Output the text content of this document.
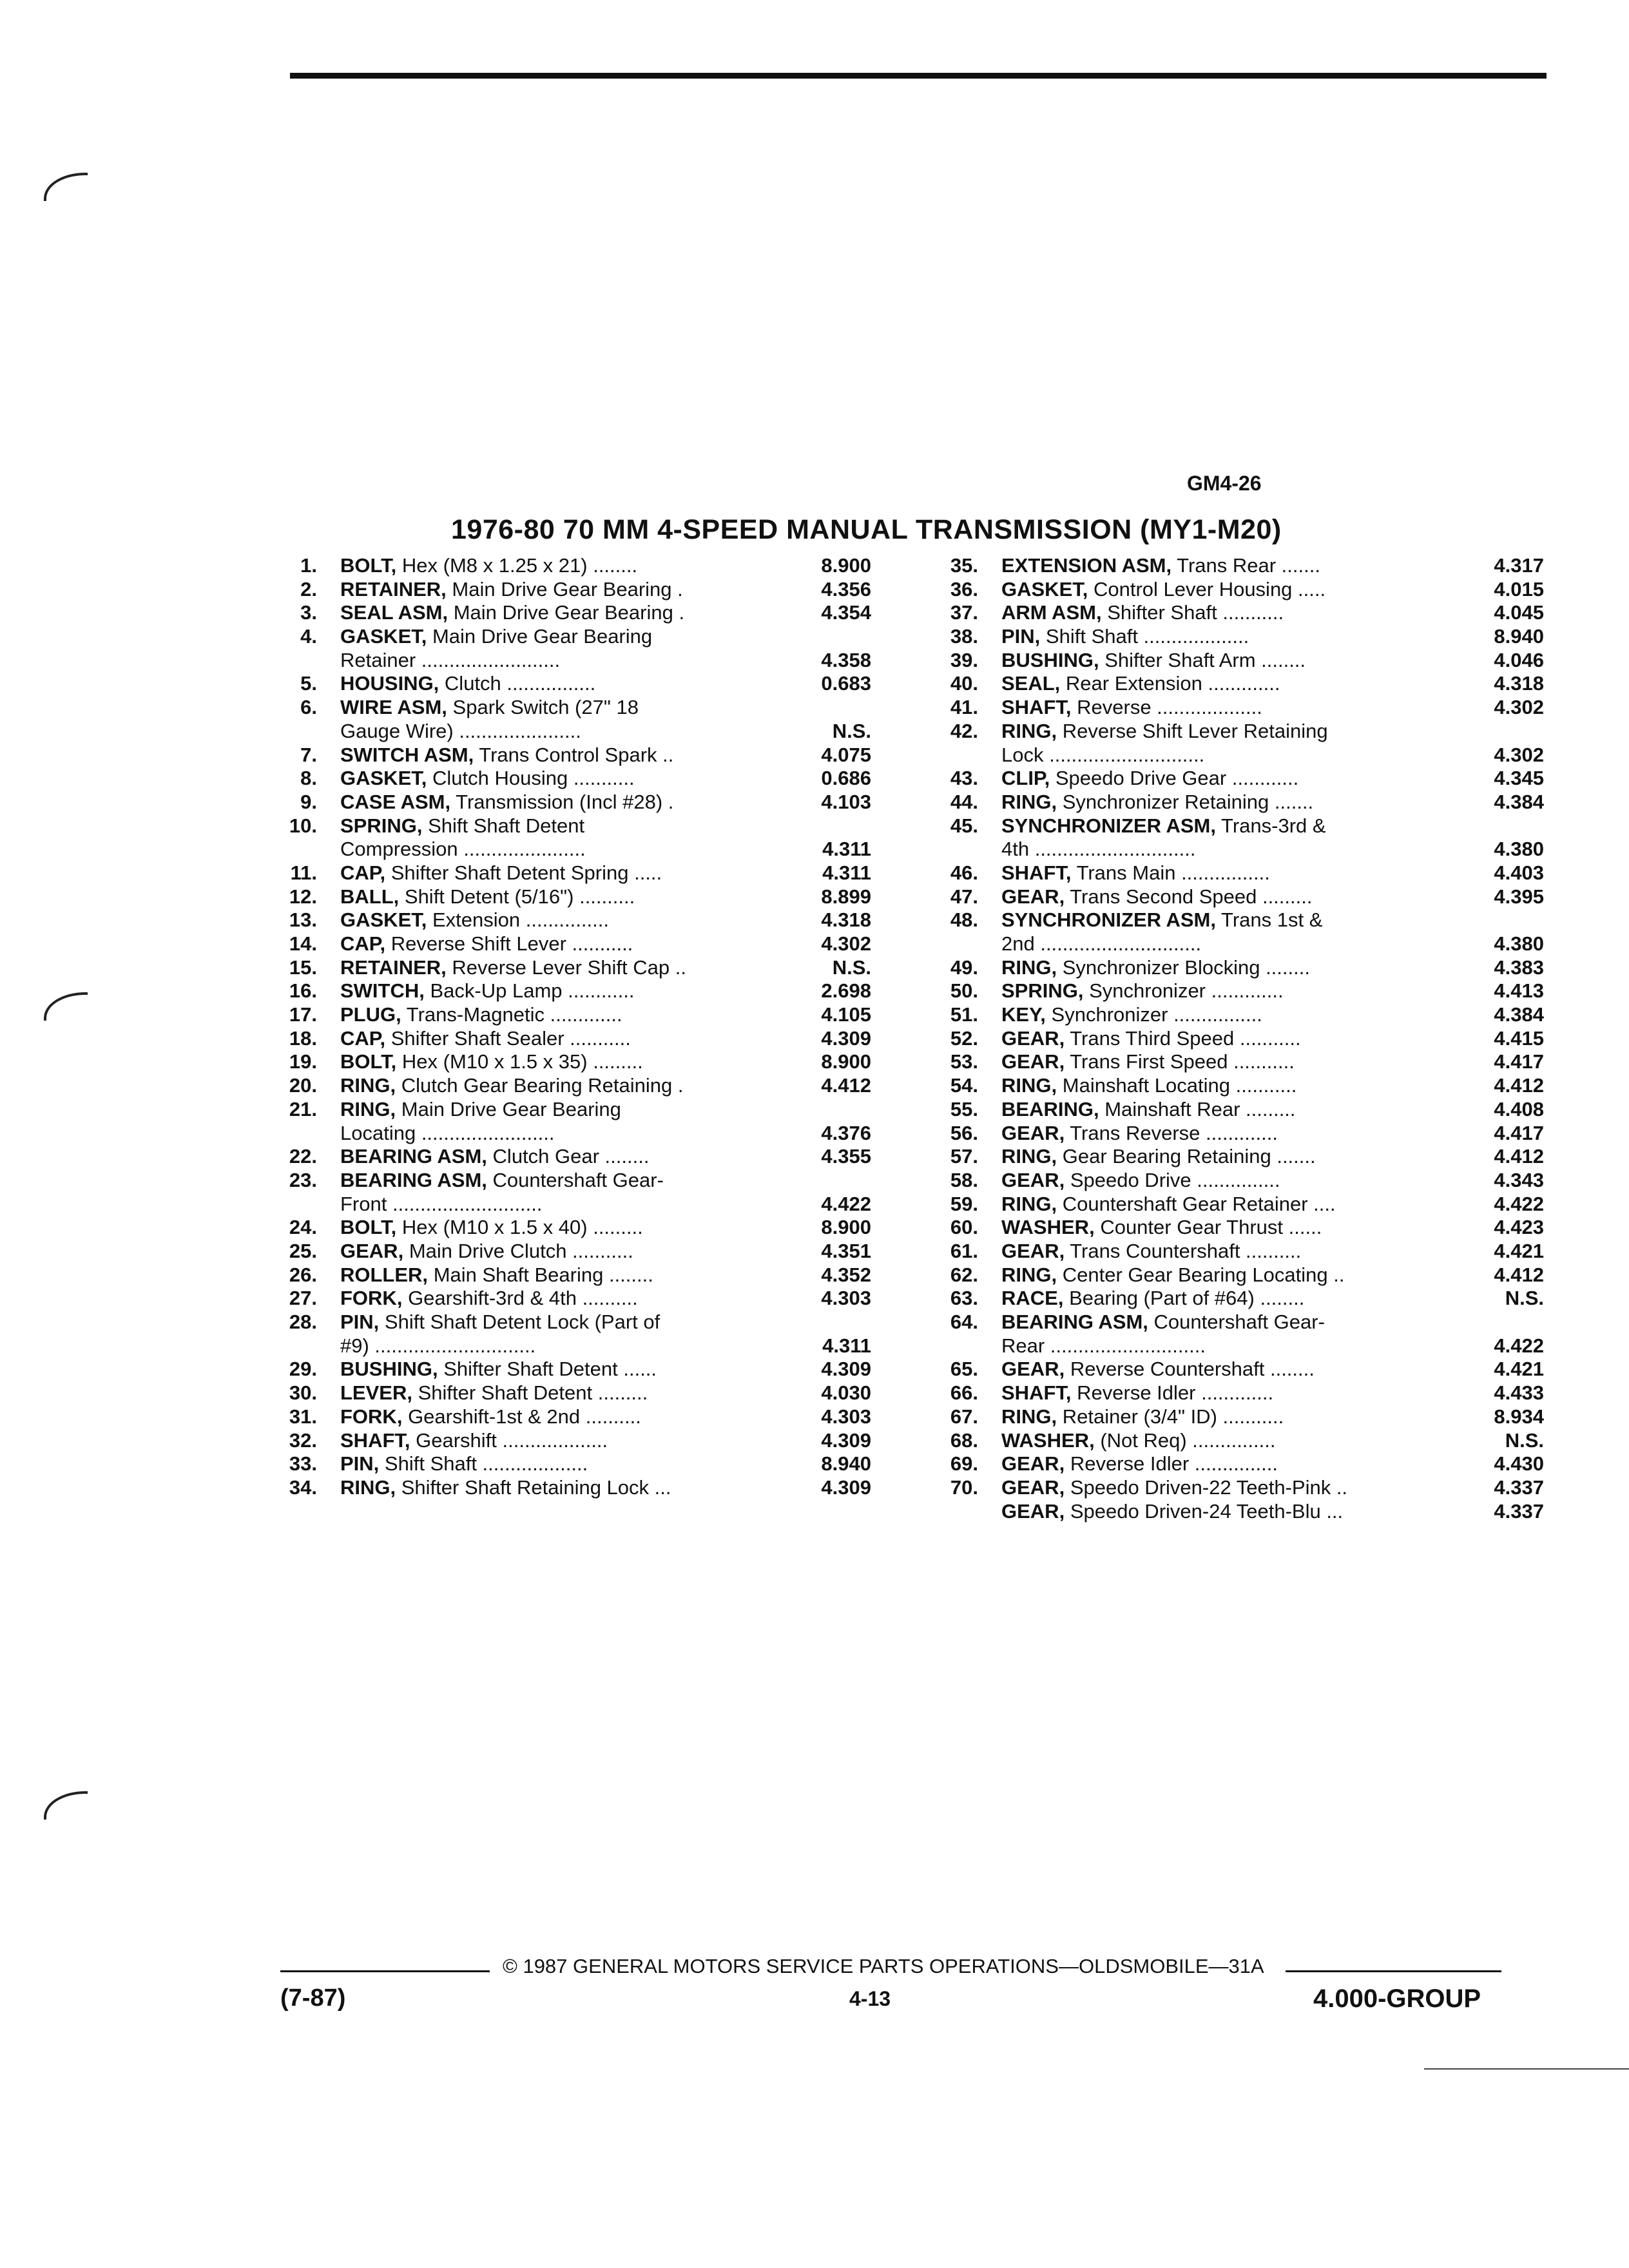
GM4-26
1976-80 70 MM 4-SPEED MANUAL TRANSMISSION (MY1-M20)
1. BOLT, Hex (M8 x 1.25 x 21) ........	8.900
2. RETAINER, Main Drive Gear Bearing .	4.356
3. SEAL ASM, Main Drive Gear Bearing .	4.354
4. GASKET, Main Drive Gear Bearing
Retainer .........................	4.358
5. HOUSING, Clutch ................	0.683
6. WIRE ASM, Spark Switch (27" 18
Gauge Wire) ......................	N.S.
7. SWITCH ASM, Trans Control Spark ..	4.075
8. GASKET, Clutch Housing ...........	0.686
9. CASE ASM, Transmission (Incl #28) .	4.103
10. SPRING, Shift Shaft Detent
Compression ......................	4.311
11. CAP, Shifter Shaft Detent Spring .....	4.311
12. BALL, Shift Detent (5/16") ..........	8.899
13. GASKET, Extension ...............	4.318
14. CAP, Reverse Shift Lever ...........	4.302
15. RETAINER, Reverse Lever Shift Cap ..	N.S.
16. SWITCH, Back-Up Lamp ............	2.698
17. PLUG, Trans-Magnetic .............	4.105
18. CAP, Shifter Shaft Sealer ...........	4.309
19. BOLT, Hex (M10 x 1.5 x 35) .........	8.900
20. RING, Clutch Gear Bearing Retaining .	4.412
21. RING, Main Drive Gear Bearing
Locating ........................	4.376
22. BEARING ASM, Clutch Gear ........	4.355
23. BEARING ASM, Countershaft Gear-
Front ...........................	4.422
24. BOLT, Hex (M10 x 1.5 x 40) .........	8.900
25. GEAR, Main Drive Clutch ...........	4.351
26. ROLLER, Main Shaft Bearing ........	4.352
27. FORK, Gearshift-3rd & 4th ..........	4.303
28. PIN, Shift Shaft Detent Lock (Part of
#9) .............................	4.311
29. BUSHING, Shifter Shaft Detent ......	4.309
30. LEVER, Shifter Shaft Detent .........	4.030
31. FORK, Gearshift-1st & 2nd ..........	4.303
32. SHAFT, Gearshift ...................	4.309
33. PIN, Shift Shaft ...................	8.940
34. RING, Shifter Shaft Retaining Lock ...	4.309
35. EXTENSION ASM, Trans Rear .......	4.317
36. GASKET, Control Lever Housing .....	4.015
37. ARM ASM, Shifter Shaft ...........	4.045
38. PIN, Shift Shaft ...................	8.940
39. BUSHING, Shifter Shaft Arm ........	4.046
40. SEAL, Rear Extension .............	4.318
41. SHAFT, Reverse ...................	4.302
42. RING, Reverse Shift Lever Retaining
Lock ............................	4.302
43. CLIP, Speedo Drive Gear ............	4.345
44. RING, Synchronizer Retaining .......	4.384
45. SYNCHRONIZER ASM, Trans-3rd &
4th .............................	4.380
46. SHAFT, Trans Main ................	4.403
47. GEAR, Trans Second Speed .........	4.395
48. SYNCHRONIZER ASM, Trans 1st &
2nd .............................	4.380
49. RING, Synchronizer Blocking ........	4.383
50. SPRING, Synchronizer .............	4.413
51. KEY, Synchronizer ................	4.384
52. GEAR, Trans Third Speed ...........	4.415
53. GEAR, Trans First Speed ...........	4.417
54. RING, Mainshaft Locating ...........	4.412
55. BEARING, Mainshaft Rear .........	4.408
56. GEAR, Trans Reverse .............	4.417
57. RING, Gear Bearing Retaining .......	4.412
58. GEAR, Speedo Drive ...............	4.343
59. RING, Countershaft Gear Retainer ....	4.422
60. WASHER, Counter Gear Thrust ......	4.423
61. GEAR, Trans Countershaft ..........	4.421
62. RING, Center Gear Bearing Locating ..	4.412
63. RACE, Bearing (Part of #64) ........	N.S.
64. BEARING ASM, Countershaft Gear-
Rear ............................	4.422
65. GEAR, Reverse Countershaft ........	4.421
66. SHAFT, Reverse Idler .............	4.433
67. RING, Retainer (3/4" ID) ...........	8.934
68. WASHER, (Not Req) ...............	N.S.
69. GEAR, Reverse Idler ...............	4.430
70. GEAR, Speedo Driven-22 Teeth-Pink ..	4.337
GEAR, Speedo Driven-24 Teeth-Blu ...	4.337
© 1987 GENERAL MOTORS SERVICE PARTS OPERATIONS—OLDSMOBILE—31A
(7-87)	4-13	4.000-GROUP
